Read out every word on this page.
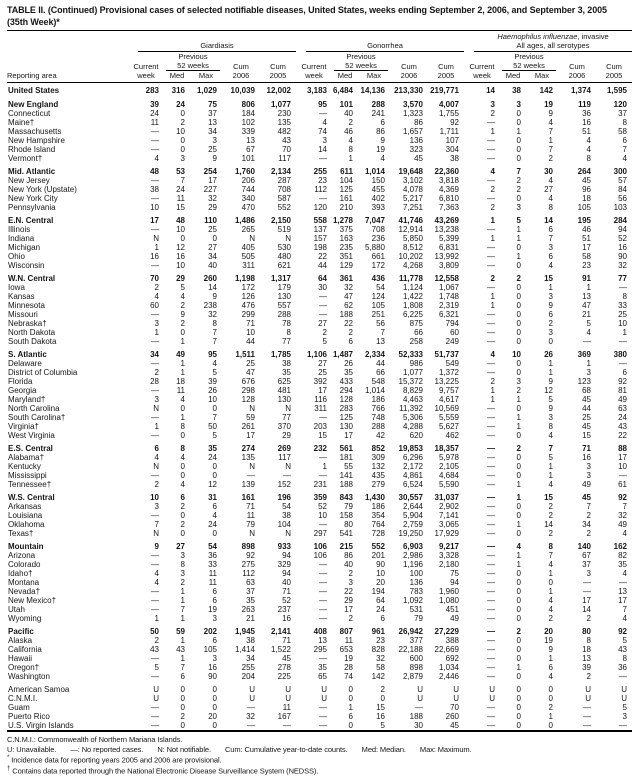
TABLE II. (Continued) Provisional cases of selected notifiable diseases, United States, weeks ending September 2, 2006, and September 3, 2005
(35th Week)*
Reporting area											Haemophilus influenzae, invasive				

	Giardiasis					Gonorrhea					All ages, all serotypes				

		Previous					Previous					Previous			
	Current	52 weeks		Cum	Cum	Current	52 weeks		Cum	Cum	Current	52 weeks		Cum	Cum
	week	Med	Max	2006	2005	week	Med	Max	2006	2005	week	Med	Max	2006	2005
United States	283	316	1,029	10,039	12,002	3,183	6,484	14,136	213,330	219,771	14	38	142	1,374	1,595
New England	39	24	75	806	1,077	95	101	288	3,570	4,007	3	3	19	119	120
Connecticut	24	0	37	184	230	—	40	241	1,323	1,755	2	0	9	36	37
Maine†	11	2	13	102	135	4	2	6	86	92	—	0	4	16	8
Massachusetts	—	10	34	339	482	74	46	86	1,657	1,711	1	1	7	51	58
New Hampshire	—	0	3	13	43	3	4	9	136	107	—	0	1	4	6
Rhode Island	—	0	25	67	70	14	8	19	323	304	—	0	7	4	7
Vermont†	4	3	9	101	117	—	1	4	45	38	—	0	2	8	4
Mid. Atlantic	48	53	254	1,760	2,134	255	611	1,014	19,648	22,360	4	7	30	264	300
New Jersey	—	7	17	206	287	23	104	150	3,102	3,818	—	2	4	45	57
New York (Upstate)	38	24	227	744	708	112	125	455	4,078	4,369	2	2	27	96	84
New York City	—	11	32	340	587	—	161	402	5,217	6,810	—	0	4	18	56
Pennsylvania	10	15	29	470	552	120	210	393	7,251	7,363	2	3	8	105	103
E.N. Central	17	48	110	1,486	2,150	558	1,278	7,047	41,746	43,269	1	5	14	195	284
Illinois	—	10	25	265	519	137	375	708	12,914	13,238	—	1	6	46	94
Indiana	N	0	0	N	N	157	163	236	5,850	5,399	1	1	7	51	52
Michigan	1	12	27	405	530	198	235	5,880	8,512	6,831	—	0	3	17	16
Ohio	16	16	34	505	480	22	351	661	10,202	13,992	—	1	6	58	90
Wisconsin	—	10	40	311	621	44	129	172	4,268	3,809	—	0	4	23	32
W.N. Central	70	29	260	1,198	1,317	64	361	436	11,778	12,558	2	2	15	91	77
Iowa	2	5	14	172	179	30	32	54	1,124	1,067	—	0	1	1	—
Kansas	4	4	9	126	130	—	47	124	1,422	1,748	1	0	3	13	8
Minnesota	60	2	238	476	557	—	62	105	1,808	2,319	1	0	9	47	33
Missouri	—	9	32	299	288	—	188	251	6,225	6,321	—	0	6	21	25
Nebraska†	3	2	8	71	78	27	22	56	875	794	—	0	2	5	10
North Dakota	1	0	7	10	8	2	2	7	66	60	—	0	3	4	1
South Dakota	—	1	7	44	77	5	6	13	258	249	—	0	0	—	—
S. Atlantic	34	49	95	1,511	1,785	1,106	1,487	2,334	52,333	51,737	4	10	26	369	380
Delaware	—	1	4	25	38	27	26	44	986	549	—	0	1	1	—
District of Columbia	2	1	5	47	35	25	35	66	1,077	1,372	—	0	1	3	6
Florida	28	18	39	676	625	392	433	548	15,372	13,225	2	3	9	123	92
Georgia	—	11	26	298	481	17	294	1,014	8,829	9,757	1	2	12	68	81
Maryland†	3	4	10	128	130	116	128	186	4,463	4,617	1	1	5	45	49
North Carolina	N	0	0	N	N	311	283	766	11,392	10,569	—	0	9	44	63
South Carolina†	—	1	7	59	77	—	125	748	5,306	5,559	—	1	3	25	24
Virginia†	1	8	50	261	370	203	130	288	4,288	5,627	—	1	8	45	43
West Virginia	—	0	5	17	29	15	17	42	620	462	—	0	4	15	22
E.S. Central	6	8	35	274	269	232	561	852	19,853	18,357	—	2	7	71	88
Alabama†	4	4	24	135	117	—	181	309	6,296	5,978	—	0	5	16	17
Kentucky	N	0	0	N	N	1	55	132	2,172	2,105	—	0	1	3	10
Mississippi	—	0	0	—	—	—	141	435	4,861	4,684	—	0	1	3	—
Tennessee†	2	4	12	139	152	231	188	279	6,524	5,590	—	1	4	49	61
W.S. Central	10	6	31	161	196	359	843	1,430	30,557	31,037	—	1	15	45	92
Arkansas	3	2	6	71	54	52	79	186	2,644	2,902	—	0	2	7	7
Louisiana	—	0	4	11	38	10	158	354	5,904	7,141	—	0	2	2	32
Oklahoma	7	2	24	79	104	—	80	764	2,759	3,065	—	1	14	34	49
Texas†	N	0	0	N	N	297	541	728	19,250	17,929	—	0	2	2	4
Mountain	9	27	54	898	933	106	215	552	6,903	9,217	—	4	8	140	162
Arizona	—	3	36	92	94	106	86	201	2,986	3,328	—	1	7	67	82
Colorado	—	8	33	275	329	—	40	90	1,196	2,180	—	1	4	37	35
Idaho†	4	3	11	112	94	—	2	10	100	75	—	0	1	3	4
Montana	4	2	11	63	40	—	3	20	136	94	—	0	0	—	—
Nevada†	—	1	6	37	71	—	22	194	783	1,960	—	0	1	—	13
New Mexico†	—	1	6	35	52	—	29	64	1,092	1,080	—	0	4	17	17
Utah	—	7	19	263	237	—	17	24	531	451	—	0	4	14	7
Wyoming	1	1	3	21	16	—	2	6	79	49	—	0	2	2	4
Pacific	50	59	202	1,945	2,141	408	807	961	26,942	27,229	—	2	20	80	92
Alaska	2	1	6	38	71	13	11	23	377	388	—	0	19	8	5
California	43	43	105	1,414	1,522	295	653	828	22,188	22,669	—	0	9	18	43
Hawaii	—	1	3	34	45	—	19	32	600	692	—	0	1	13	8
Oregon†	5	7	16	255	278	35	28	58	898	1,034	—	1	6	39	36
Washington	—	6	90	204	225	65	74	142	2,879	2,446	—	0	4	2	—
American Samoa	U	0	0	U	U	U	0	2	U	U	U	0	0	U	U
C.N.M.I.	U	0	0	U	U	U	0	0	U	U	U	0	0	U	U
Guam	—	0	0	—	11	—	1	15	—	70	—	0	2	—	5
Puerto Rico	—	2	20	32	167	—	6	16	188	260	—	0	1	—	3
U.S. Virgin Islands	—	0	0	—	—	—	0	5	30	45	—	0	0	—	—
C.N.M.I.: Commonwealth of Northern Mariana Islands.
U: Unavailable. —: No reported cases. N: Not notifiable. Cum: Cumulative year-to-date counts. Med: Median. Max: Maximum.
* Incidence data for reporting years 2005 and 2006 are provisional.
† Contains data reported through the National Electronic Disease Surveillance System (NEDSS).
